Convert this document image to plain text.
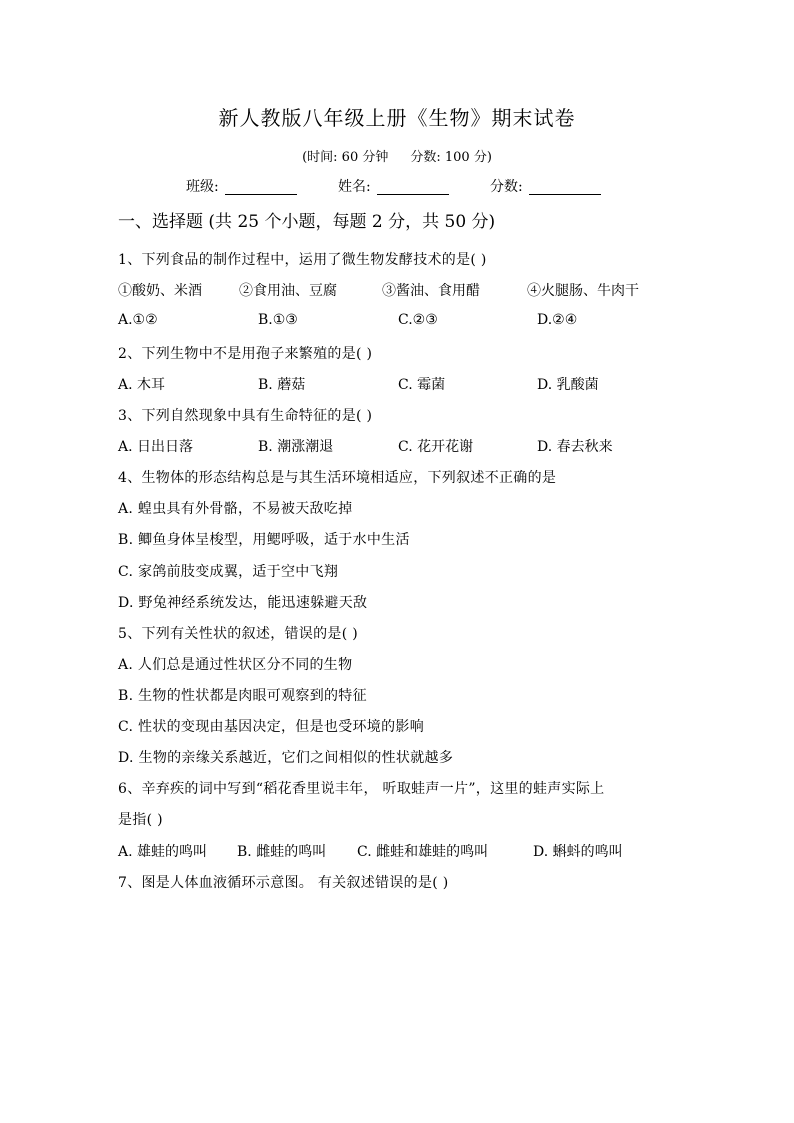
新人教版八年级上册《生物》期末试卷
(时间: 60 分钟 分数: 100 分)
班级:	姓名:	分数:
一、选择题 (共 25 个小题，每题 2 分，共 50 分)
1、下列食品的制作过程中，运用了微生物发酵技术的是( )
①酸奶、米酒	②食用油、豆腐	③酱油、食用醋	④火腿肠、牛肉干
A.①②	B.①③	C.②③	D.②④
2、下列生物中不是用孢子来繁殖的是( )
A. 木耳	B. 蘑菇	C. 霉菌	D. 乳酸菌
3、下列自然现象中具有生命特征的是( )
A. 日出日落	B. 潮涨潮退	C. 花开花谢	D. 春去秋来
4、生物体的形态结构总是与其生活环境相适应，下列叙述不正确的是
A. 蝗虫具有外骨骼，不易被天敌吃掉
B. 鲫鱼身体呈梭型，用鳃呼吸，适于水中生活
C. 家鸽前肢变成翼，适于空中飞翔
D. 野兔神经系统发达，能迅速躲避天敌
5、下列有关性状的叙述，错误的是( )
A. 人们总是通过性状区分不同的生物
B. 生物的性状都是肉眼可观察到的特征
C. 性状的变现由基因决定，但是也受环境的影响
D. 生物的亲缘关系越近，它们之间相似的性状就越多
6、辛弃疾的词中写到“稻花香里说丰年， 听取蛙声一片”，这里的蛙声实际上
是指( )
A. 雄蛙的鸣叫 B. 雌蛙的鸣叫 C. 雌蛙和雄蛙的鸣叫	D. 蝌蚪的鸣叫
7、图是人体血液循环示意图。 有关叙述错误的是( )
